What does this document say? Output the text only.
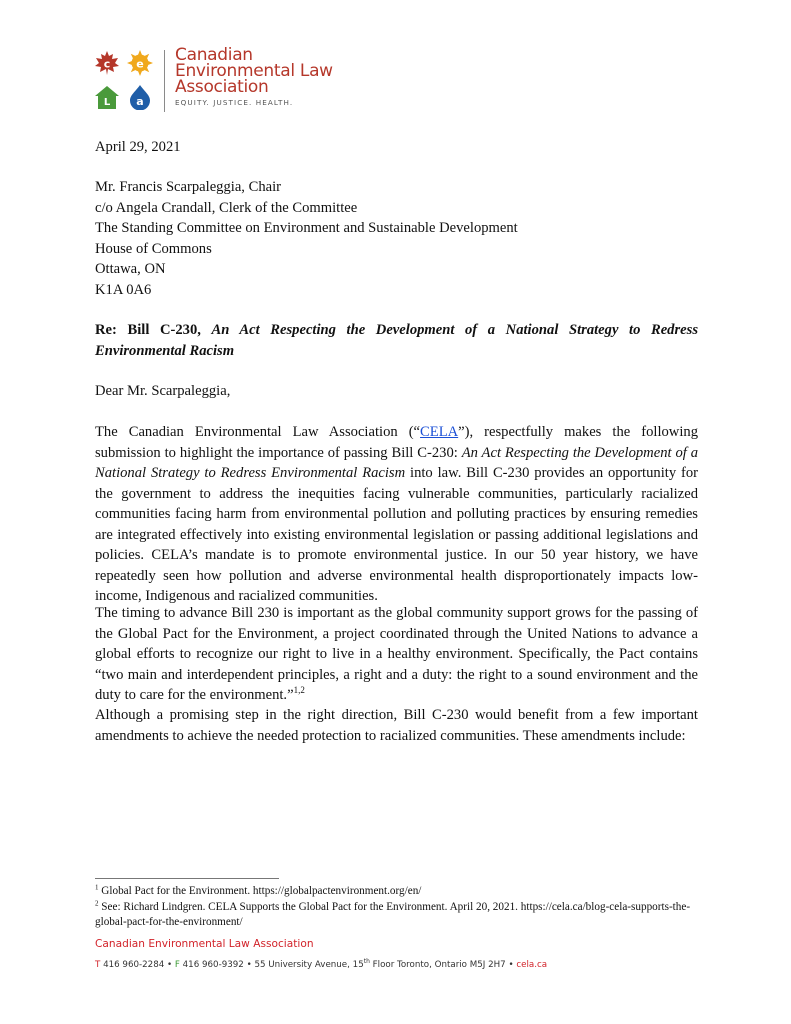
c e
L a
Canadian
Environmental Law
Association
EQUITY. JUSTICE. HEALTH.
April 29, 2021
Mr. Francis Scarpaleggia, Chair
c/o Angela Crandall, Clerk of the Committee
The Standing Committee on Environment and Sustainable Development
House of Commons
Ottawa, ON
K1A 0A6
Re: Bill C-230, An Act Respecting the Development of a National Strategy to Redress Environmental Racism
Dear Mr. Scarpaleggia,
The Canadian Environmental Law Association (“CELA”), respectfully makes the following submission to highlight the importance of passing Bill C-230: An Act Respecting the Development of a National Strategy to Redress Environmental Racism into law. Bill C-230 provides an opportunity for the government to address the inequities facing vulnerable communities, particularly racialized communities facing harm from environmental pollution and polluting practices by ensuring remedies are integrated effectively into existing environmental legislation or passing additional legislations and policies. CELA’s mandate is to promote environmental justice. In our 50 year history, we have repeatedly seen how pollution and adverse environmental health disproportionately impacts low-income, Indigenous and racialized communities.
The timing to advance Bill 230 is important as the global community support grows for the passing of the Global Pact for the Environment, a project coordinated through the United Nations to advance a global efforts to recognize our right to live in a healthy environment. Specifically, the Pact contains “two main and interdependent principles, a right and a duty: the right to a sound environment and the duty to care for the environment.”$^{1,2}$
Although a promising step in the right direction, Bill C-230 would benefit from a few important amendments to achieve the needed protection to racialized communities. These amendments include:
$^1$ Global Pact for the Environment. https://globalpactenvironment.org/en/
$^2$ See: Richard Lindgren. CELA Supports the Global Pact for the Environment. April 20, 2021. https://cela.ca/blog-cela-supports-the-global-pact-for-the-environment/
Canadian Environmental Law Association
T 416 960-2284 • F 416 960-9392 • 55 University Avenue, 15th Floor Toronto, Ontario M5J 2H7 • cela.ca
